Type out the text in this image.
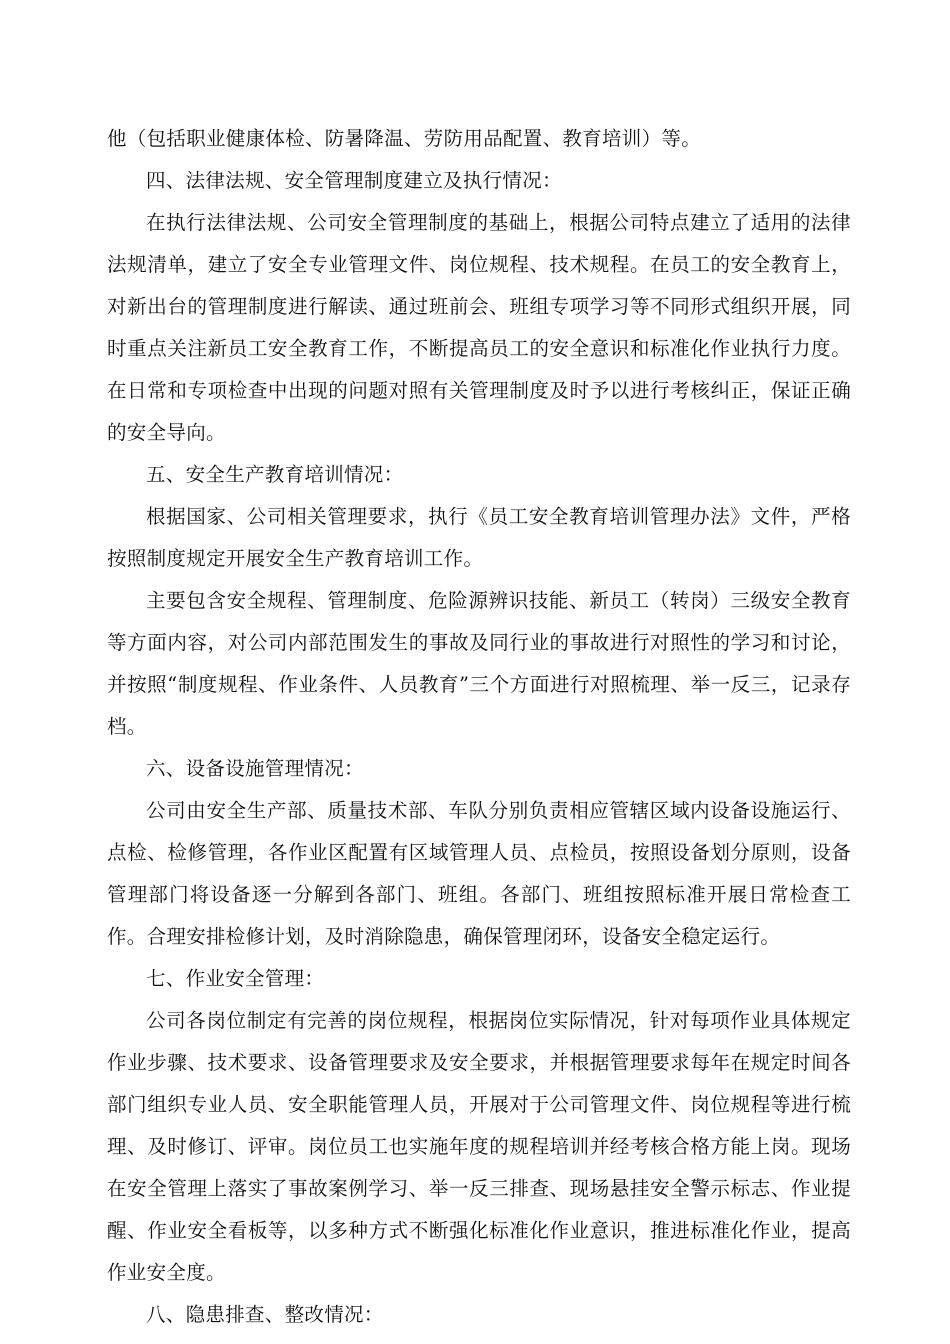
他（包括职业健康体检、防暑降温、劳防用品配置、教育培训）等。

四、法律法规、安全管理制度建立及执行情况：

在执行法律法规、公司安全管理制度的基础上，根据公司特点建立了适用的法律法规清单，建立了安全专业管理文件、岗位规程、技术规程。在员工的安全教育上，对新出台的管理制度进行解读、通过班前会、班组专项学习等不同形式组织开展，同时重点关注新员工安全教育工作，不断提高员工的安全意识和标准化作业执行力度。在日常和专项检查中出现的问题对照有关管理制度及时予以进行考核纠正，保证正确的安全导向。

五、安全生产教育培训情况：

根据国家、公司相关管理要求，执行《员工安全教育培训管理办法》文件，严格按照制度规定开展安全生产教育培训工作。

主要包含安全规程、管理制度、危险源辨识技能、新员工（转岗）三级安全教育等方面内容，对公司内部范围发生的事故及同行业的事故进行对照性的学习和讨论，并按照“制度规程、作业条件、人员教育”三个方面进行对照梳理、举一反三，记录存档。

六、设备设施管理情况：

公司由安全生产部、质量技术部、车队分别负责相应管辖区域内设备设施运行、点检、检修管理，各作业区配置有区域管理人员、点检员，按照设备划分原则，设备管理部门将设备逐一分解到各部门、班组。各部门、班组按照标准开展日常检查工作。合理安排检修计划，及时消除隐患，确保管理闭环，设备安全稳定运行。

七、作业安全管理：

公司各岗位制定有完善的岗位规程，根据岗位实际情况，针对每项作业具体规定作业步骤、技术要求、设备管理要求及安全要求，并根据管理要求每年在规定时间各部门组织专业人员、安全职能管理人员，开展对于公司管理文件、岗位规程等进行梳理、及时修订、评审。岗位员工也实施年度的规程培训并经考核合格方能上岗。现场在安全管理上落实了事故案例学习、举一反三排查、现场悬挂安全警示标志、作业提醒、作业安全看板等，以多种方式不断强化标准化作业意识，推进标准化作业，提高作业安全度。

八、隐患排查、整改情况：
